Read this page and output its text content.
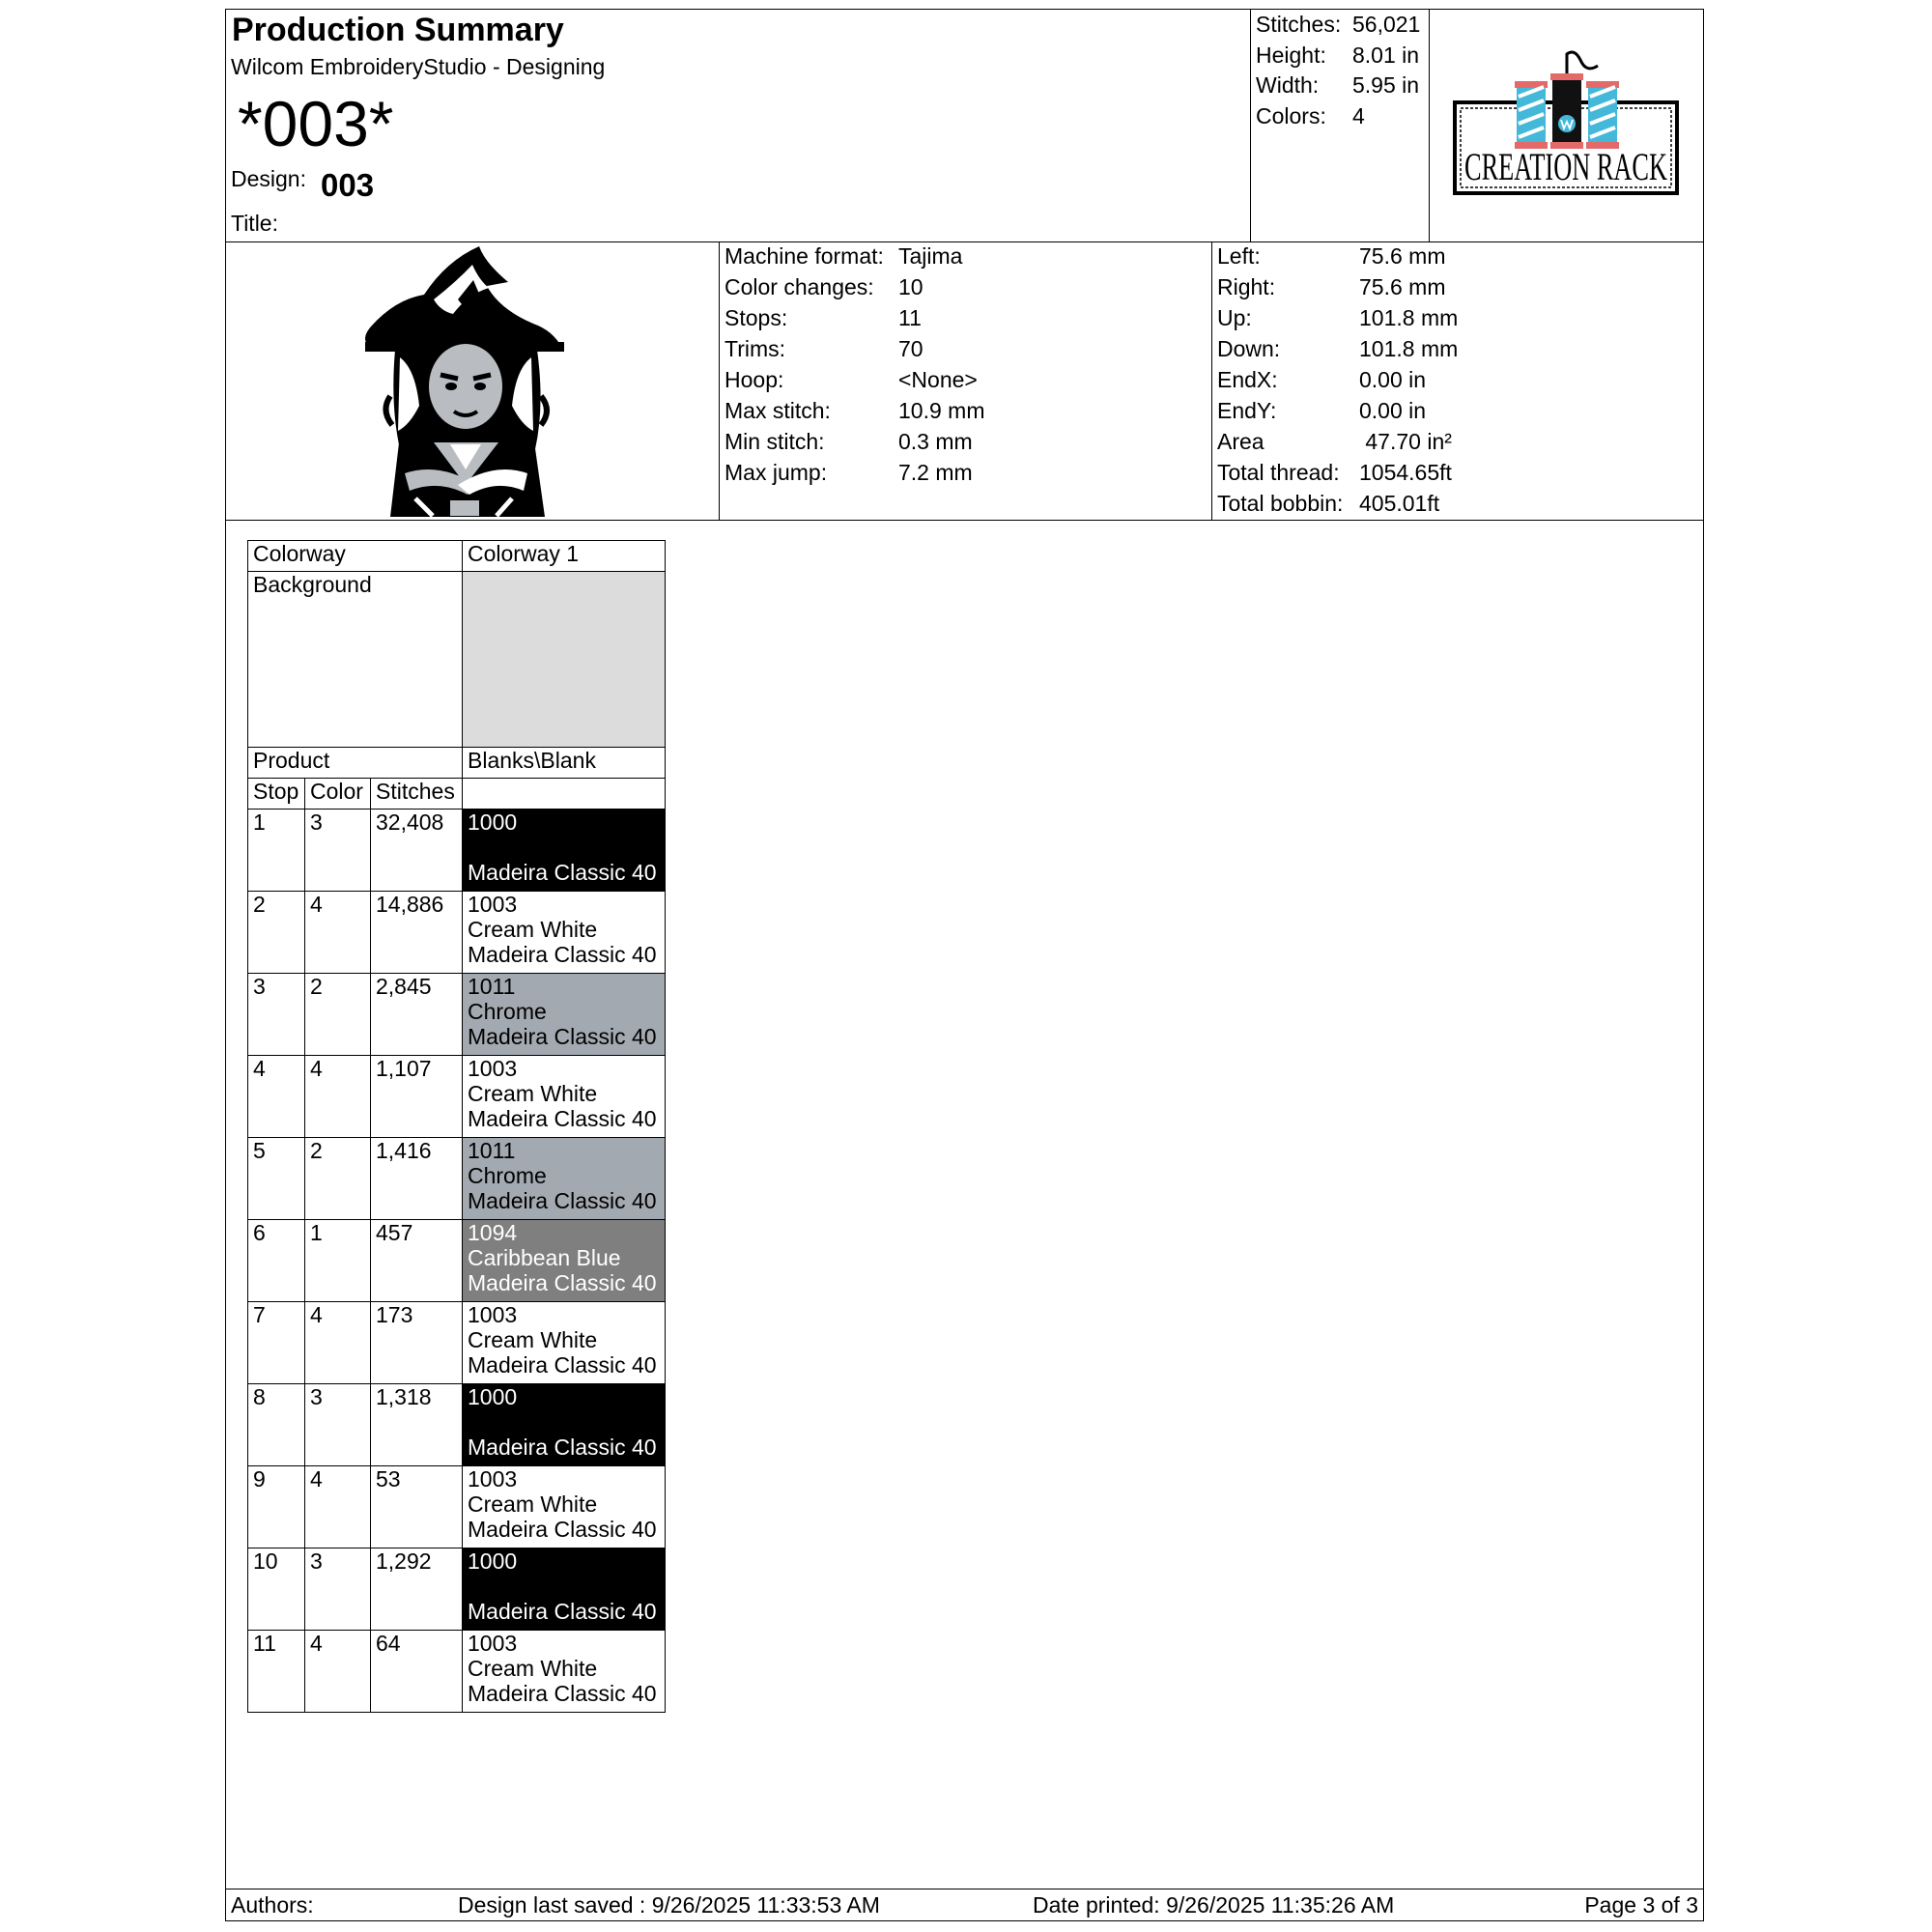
Production Summary
Wilcom EmbroideryStudio - Designing
*003*
Design: 003
Title:
Stitches: 56,021
Height: 8.01 in
Width: 5.95 in
Colors: 4
CREATION RACK
Machine format: Tajima
Color changes: 10
Stops:	11
Trims:	70
Hoop:	<None>
Max stitch:	10.9 mm
Min stitch:	0.3 mm
Max jump:	7.2 mm
Left:	75.6 mm
Right:	75.6 mm
Up:	101.8 mm
Down:	101.8 mm
EndX:	0.00 in
EndY:	0.00 in
Area	47.70 in²
Total thread: 1054.65ft
Total bobbin: 405.01ft
Colorway			Colorway 1
Background			
Product			Blanks\Blank
Stop	Color	Stitches	
1	3	32,408	1000
Madeira Classic 40

2	4	14,886	1003
Cream White
Madeira Classic 40

3	2	2,845	1011
Chrome
Madeira Classic 40

4	4	1,107	1003
Cream White
Madeira Classic 40

5	2	1,416	1011
Chrome
Madeira Classic 40

6	1	457	1094
Caribbean Blue
Madeira Classic 40

7	4	173	1003
Cream White
Madeira Classic 40

8	3	1,318	1000
Madeira Classic 40

9	4	53	1003
Cream White
Madeira Classic 40

10	3	1,292	1000
Madeira Classic 40

11	4	64	1003
Cream White
Madeira Classic 40
Authors:	Design last saved : 9/26/2025 11:33:53 AM	Date printed: 9/26/2025 11:35:26 AM	Page 3 of 3
